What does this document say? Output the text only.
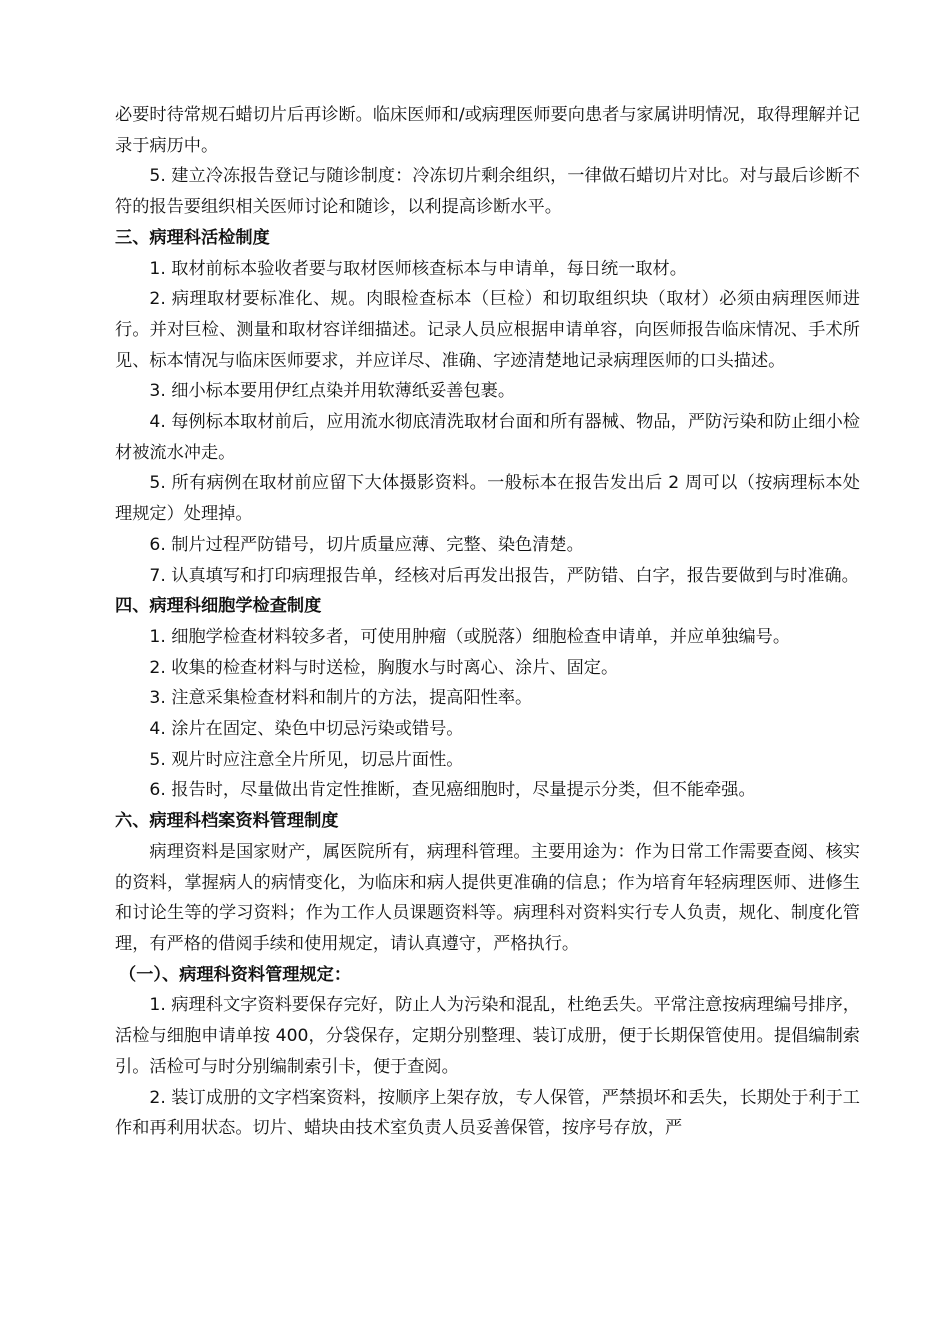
必要时待常规石蜡切片后再诊断。临床医师和/或病理医师要向患者与家属讲明情况，取得理解并记录于病历中。

5. 建立冷冻报告登记与随诊制度：冷冻切片剩余组织，一律做石蜡切片对比。对与最后诊断不符的报告要组织相关医师讨论和随诊，以利提高诊断水平。

三、病理科活检制度

1. 取材前标本验收者要与取材医师核查标本与申请单，每日统一取材。

2. 病理取材要标准化、规。肉眼检查标本（巨检）和切取组织块（取材）必须由病理医师进行。并对巨检、测量和取材容详细描述。记录人员应根据申请单容，向医师报告临床情况、手术所见、标本情况与临床医师要求，并应详尽、准确、字迹清楚地记录病理医师的口头描述。

3. 细小标本要用伊红点染并用软薄纸妥善包裹。

4. 每例标本取材前后，应用流水彻底清洗取材台面和所有器械、物品，严防污染和防止细小检材被流水冲走。

5. 所有病例在取材前应留下大体摄影资料。一般标本在报告发出后 2 周可以（按病理标本处理规定）处理掉。

6. 制片过程严防错号，切片质量应薄、完整、染色清楚。

7. 认真填写和打印病理报告单，经核对后再发出报告，严防错、白字，报告要做到与时准确。

四、病理科细胞学检查制度

1. 细胞学检查材料较多者，可使用肿瘤（或脱落）细胞检查申请单，并应单独编号。

2. 收集的检查材料与时送检，胸腹水与时离心、涂片、固定。

3. 注意采集检查材料和制片的方法，提高阳性率。

4. 涂片在固定、染色中切忌污染或错号。

5. 观片时应注意全片所见，切忌片面性。

6. 报告时，尽量做出肯定性推断，查见癌细胞时，尽量提示分类，但不能牵强。

六、病理科档案资料管理制度

病理资料是国家财产，属医院所有，病理科管理。主要用途为：作为日常工作需要查阅、核实的资料，掌握病人的病情变化，为临床和病人提供更准确的信息；作为培育年轻病理医师、进修生和讨论生等的学习资料；作为工作人员课题资料等。病理科对资料实行专人负责，规化、制度化管理，有严格的借阅手续和使用规定，请认真遵守，严格执行。

（一）、病理科资料管理规定：

1. 病理科文字资料要保存完好，防止人为污染和混乱，杜绝丢失。平常注意按病理编号排序，活检与细胞申请单按 400，分袋保存，定期分别整理、装订成册，便于长期保管使用。提倡编制索引。活检可与时分别编制索引卡，便于查阅。

2. 装订成册的文字档案资料，按顺序上架存放，专人保管，严禁损坏和丢失，长期处于利于工作和再利用状态。切片、蜡块由技术室负责人员妥善保管，按序号存放，严
